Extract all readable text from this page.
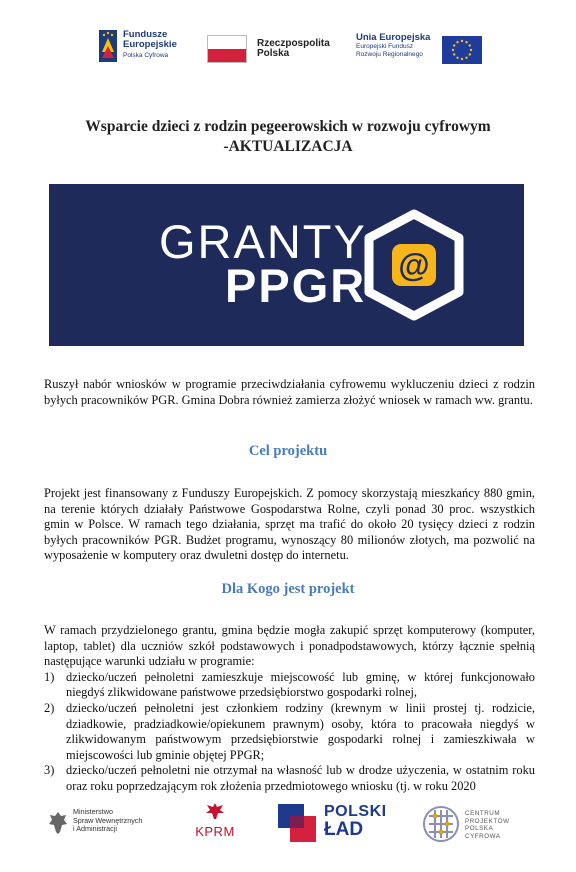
Fundusze
Europejskie
Polska Cyfrowa
Rzeczpospolita
Polska
Unia Europejska
Europejski Fundusz
Rozwoju Regionalnego
Wsparcie dzieci z rodzin pegeerowskich w rozwoju cyfrowym
-AKTUALIZACJA
GRANTY
PPGR @

Ruszył nabór wniosków w programie przeciwdziałania cyfrowemu wykluczeniu dzieci z rodzin byłych pracowników PGR. Gmina Dobra również zamierza złożyć wniosek w ramach ww. grantu.

Cel projektu

Projekt jest finansowany z Funduszy Europejskich. Z pomocy skorzystają mieszkańcy 880 gmin, na terenie których działały Państwowe Gospodarstwa Rolne, czyli ponad 30 proc. wszystkich gmin w Polsce. W ramach tego działania, sprzęt ma trafić do około 20 tysięcy dzieci z rodzin byłych pracowników PGR. Budżet programu, wynoszący 80 milionów złotych, ma pozwolić na wyposażenie w komputery oraz dwuletni dostęp do internetu.

Dla Kogo jest projekt

W ramach przydzielonego grantu, gmina będzie mogła zakupić sprzęt komputerowy (komputer, laptop, tablet) dla uczniów szkół podstawowych i ponadpodstawowych, którzy łącznie spełnią następujące warunki udziału w programie:

1) dziecko/uczeń pełnoletni zamieszkuje miejscowość lub gminę, w której funkcjonowało niegdyś zlikwidowane państwowe przedsiębiorstwo gospodarki rolnej,
2) dziecko/uczeń pełnoletni jest członkiem rodziny (krewnym w linii prostej tj. rodzicie, dziadkowie, pradziadkowie/opiekunem prawnym) osoby, która to pracowała niegdyś w zlikwidowanym państwowym przedsiębiorstwie gospodarki rolnej i zamieszkiwała w miejscowości lub gminie objętej PPGR;
3) dziecko/uczeń pełnoletni nie otrzymał na własność lub w drodze użyczenia, w ostatnim roku oraz roku poprzedzającym rok złożenia przedmiotowego wniosku (tj. w roku 2020
Ministerstwo
Spraw Wewnętrznych
i Administracji	KPRM
POLSKI
ŁAD
CENTRUM
PROJEKTÓW
POLSKA
CYFROWA
